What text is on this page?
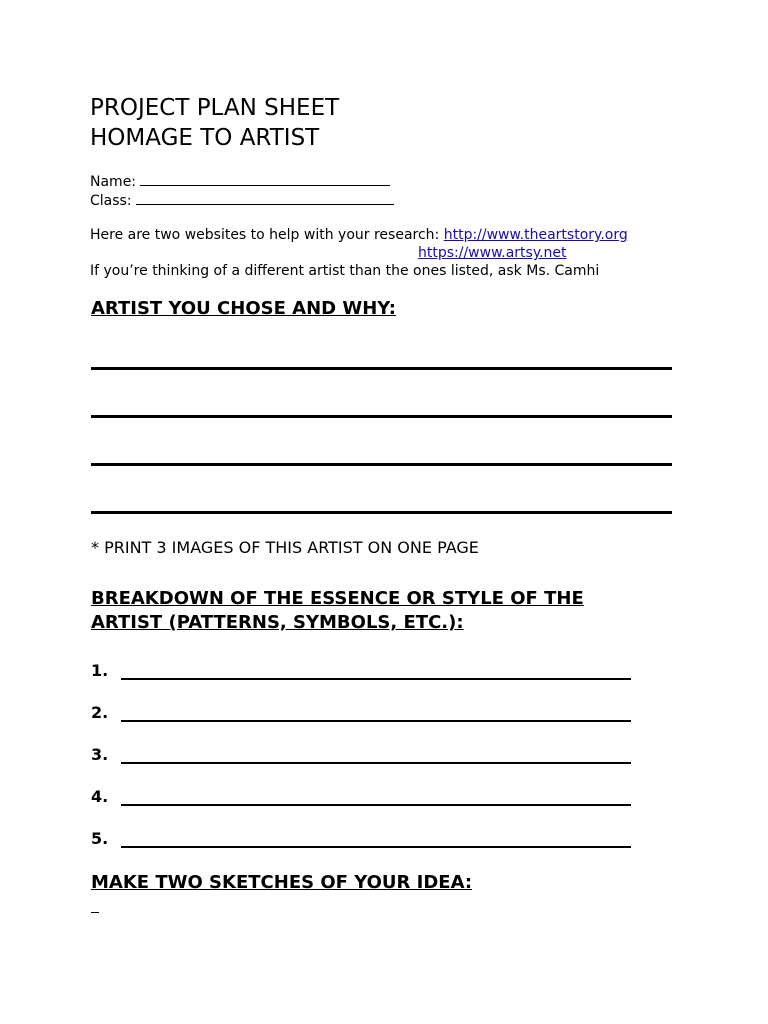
PROJECT PLAN SHEET
HOMAGE TO ARTIST
Name:
Class:
Here are two websites to help with your research: http://www.theartstory.org
https://www.artsy.net
If you’re thinking of a different artist than the ones listed, ask Ms. Camhi
ARTIST YOU CHOSE AND WHY:
* PRINT 3 IMAGES OF THIS ARTIST ON ONE PAGE
BREAKDOWN OF THE ESSENCE OR STYLE OF THE
ARTIST (PATTERNS, SYMBOLS, ETC.):
1.
2.
3.
4.
5.
MAKE TWO SKETCHES OF YOUR IDEA:
